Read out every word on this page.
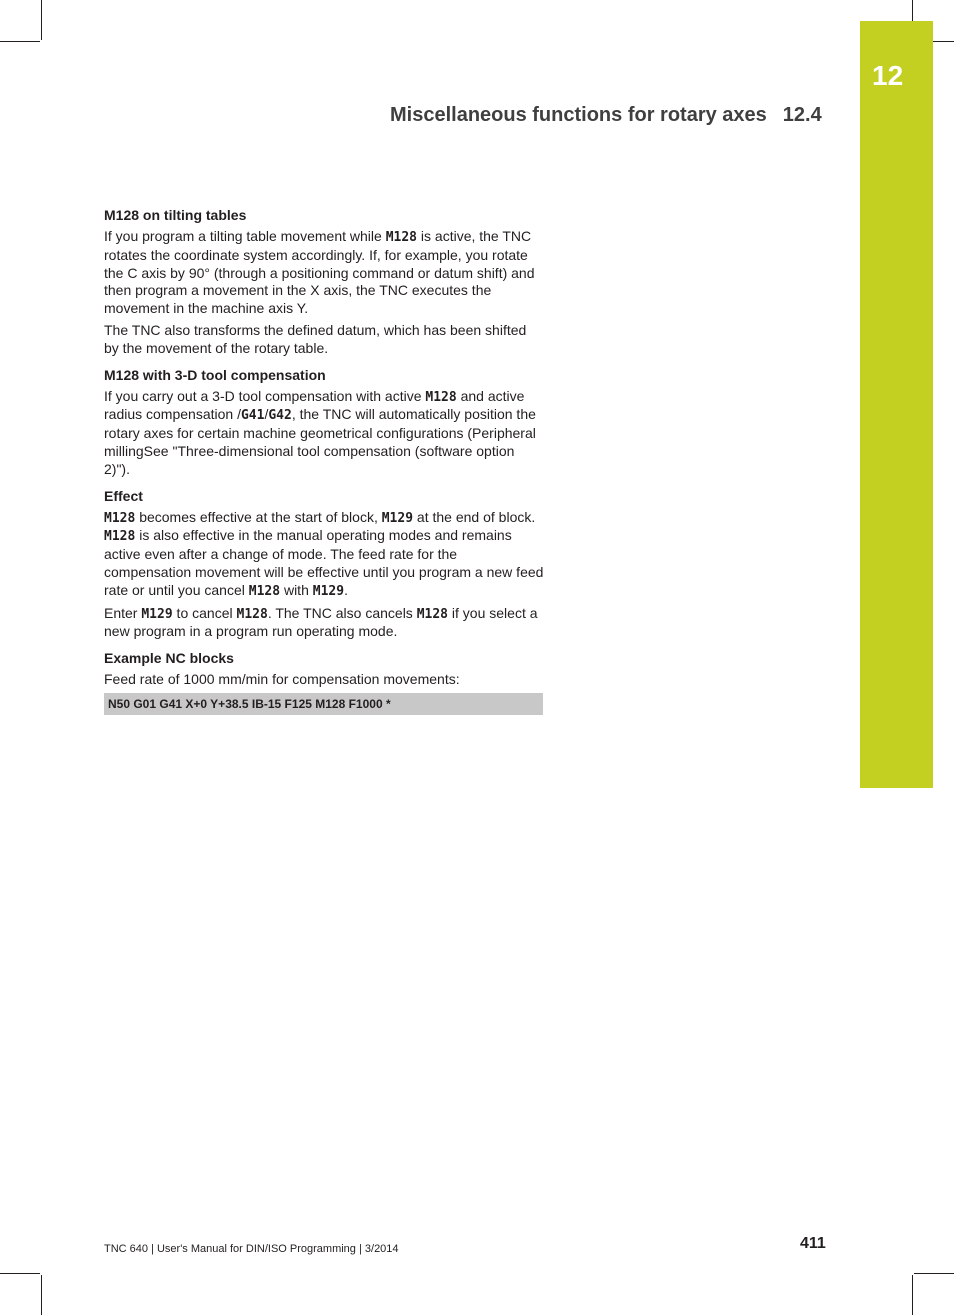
12
Miscellaneous functions for rotary axes 12.4
M128 on tilting tables

If you program a tilting table movement while M128 is active, the TNC rotates the coordinate system accordingly. If, for example, you rotate the C axis by 90° (through a positioning command or datum shift) and then program a movement in the X axis, the TNC executes the movement in the machine axis Y.

The TNC also transforms the defined datum, which has been shifted by the movement of the rotary table.

M128 with 3-D tool compensation

If you carry out a 3-D tool compensation with active M128 and active radius compensation /G41/G42, the TNC will automatically position the rotary axes for certain machine geometrical configurations (Peripheral millingSee "Three-dimensional tool compensation (software option 2)").

Effect

M128 becomes effective at the start of block, M129 at the end of block. M128 is also effective in the manual operating modes and remains active even after a change of mode. The feed rate for the compensation movement will be effective until you program a new feed rate or until you cancel M128 with M129.

Enter M129 to cancel M128. The TNC also cancels M128 if you select a new program in a program run operating mode.

Example NC blocks

Feed rate of 1000 mm/min for compensation movements:

N50 G01 G41 X+0 Y+38.5 IB-15 F125 M128 F1000 *
TNC 640 | User's Manual for DIN/ISO Programming | 3/2014	411
